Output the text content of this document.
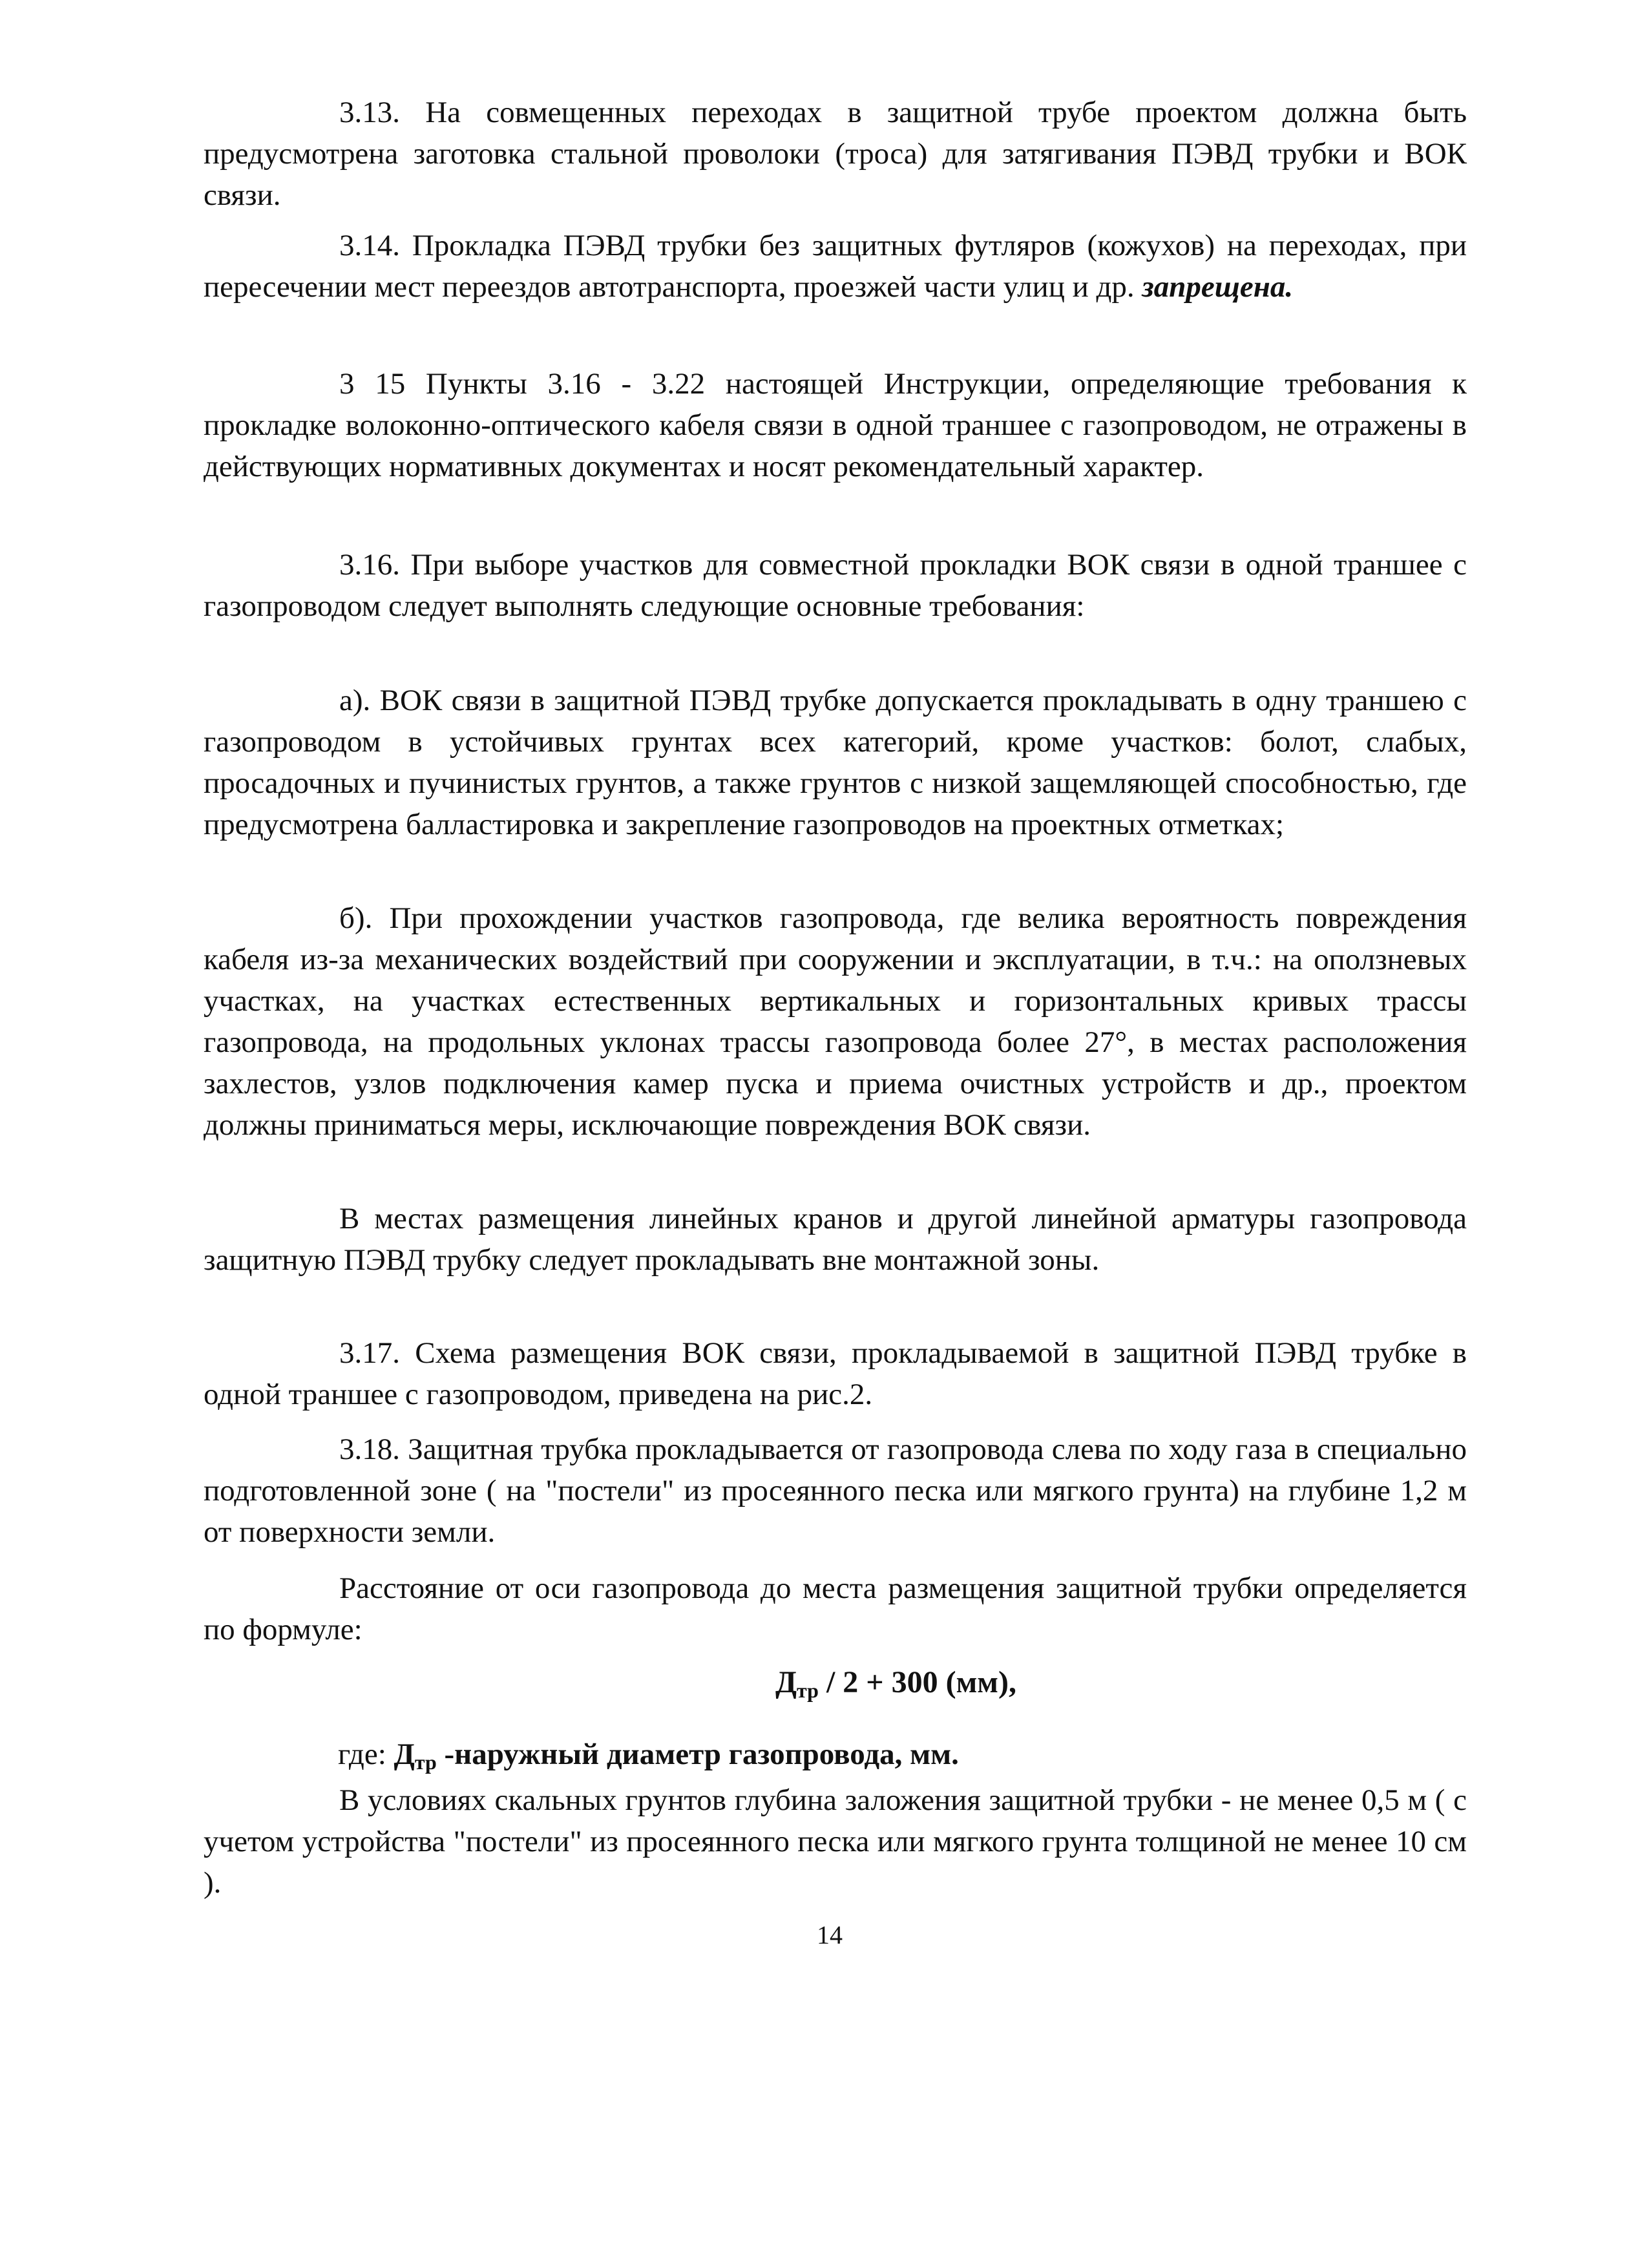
3.13. На совмещенных переходах в защитной трубе проектом должна быть предусмотрена заготовка стальной проволоки (троса) для затягивания ПЭВД трубки и ВОК связи.

3.14. Прокладка ПЭВД трубки без защитных футляров (кожухов) на переходах, при пересечении мест переездов автотранспорта, проезжей части улиц и др. запрещена.

3 15 Пункты 3.16 - 3.22 настоящей Инструкции, определяющие требования к прокладке волоконно-оптического кабеля связи в одной траншее с газопроводом, не отражены в действующих нормативных документах и носят рекомендательный характер.

3.16. При выборе участков для совместной прокладки ВОК связи в одной траншее с газопроводом следует выполнять следующие основные требования:

а). ВОК связи в защитной ПЭВД трубке допускается прокладывать в одну траншею с газопроводом в устойчивых грунтах всех категорий, кроме участков: болот, слабых, просадочных и пучинистых грунтов, а также грунтов с низкой защемляющей способностью, где предусмотрена балластировка и закрепление газопроводов на проектных отметках;

б). При прохождении участков газопровода, где велика вероятность повреждения кабеля из-за механических воздействий при сооружении и эксплуатации, в т.ч.: на оползневых участках, на участках естественных вертикальных и горизонтальных кривых трассы газопровода, на продольных уклонах трассы газопровода более 27°, в местах расположения захлестов, узлов подключения камер пуска и приема очистных устройств и др., проектом должны приниматься меры, исключающие повреждения ВОК связи.

В местах размещения линейных кранов и другой линейной арматуры газопровода защитную ПЭВД трубку следует прокладывать вне монтажной зоны.

3.17. Схема размещения ВОК связи, прокладываемой в защитной ПЭВД трубке в одной траншее с газопроводом, приведена на рис.2.

3.18. Защитная трубка прокладывается от газопровода слева по ходу газа в специально подготовленной зоне ( на "постели" из просеянного песка или мягкого грунта) на глубине 1,2 м от поверхности земли.

Расстояние от оси газопровода до места размещения защитной трубки определяется по формуле:

$Д_{тр} / 2 + 300$ (мм),
где: $Д_{тр}$ -наружный диаметр газопровода, мм.

В условиях скальных грунтов глубина заложения защитной трубки - не менее 0,5 м ( с учетом устройства "постели" из просеянного песка или мягкого грунта толщиной не менее 10 см ).

14
